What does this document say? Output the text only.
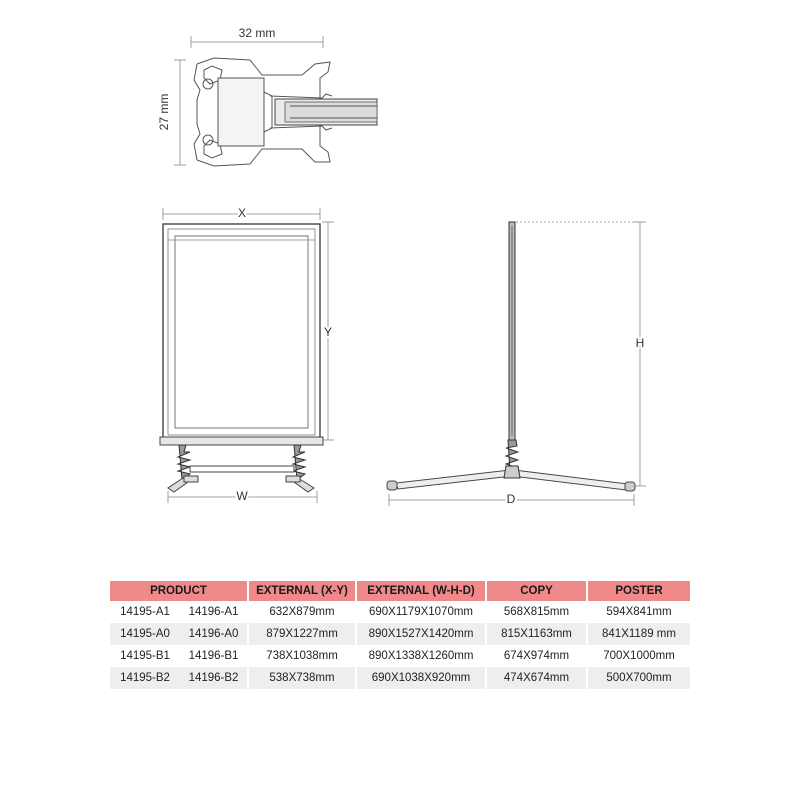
32 mm
27 mm
X
Y
W
H
D
PRODUCT		EXTERNAL (X-Y)	EXTERNAL (W-H-D)	COPY	POSTER
14195-A1	14196-A1	632X879mm	690X1179X1070mm	568X815mm	594X841mm
14195-A0	14196-A0	879X1227mm	890X1527X1420mm	815X1163mm	841X1189 mm
14195-B1	14196-B1	738X1038mm	890X1338X1260mm	674X974mm	700X1000mm
14195-B2	14196-B2	538X738mm	690X1038X920mm	474X674mm	500X700mm
